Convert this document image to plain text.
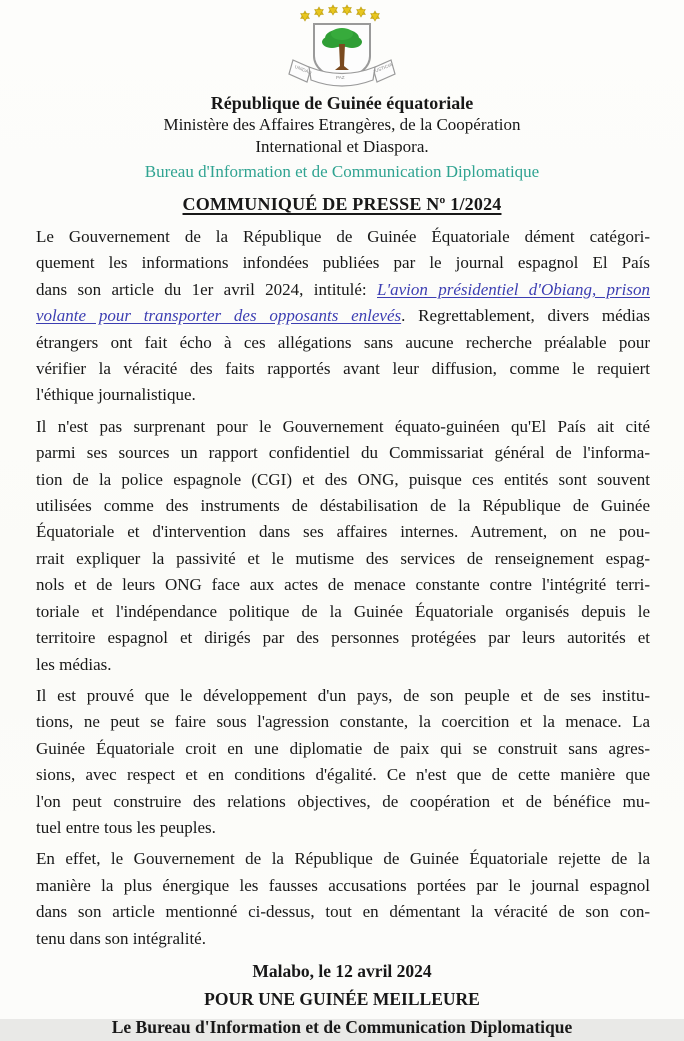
UNIDAD
PAZ
JUSTICIA
République de Guinée équatoriale
Ministère des Affaires Etrangères, de la Coopération
International et Diaspora.
Bureau d'Information et de Communication Diplomatique
COMMUNIQUÉ DE PRESSE Nº 1/2024
Le Gouvernement de la République de Guinée Équatoriale dément catégori-
quement les informations infondées publiées par le journal espagnol El País
dans son article du 1er avril 2024, intitulé: L'avion présidentiel d'Obiang, prison
volante pour transporter des opposants enlevés. Regrettablement, divers médias
étrangers ont fait écho à ces allégations sans aucune recherche préalable pour
vérifier la véracité des faits rapportés avant leur diffusion, comme le requiert
l'éthique journalistique.
Il n'est pas surprenant pour le Gouvernement équato-guinéen qu'El País ait cité
parmi ses sources un rapport confidentiel du Commissariat général de l'informa-
tion de la police espagnole (CGI) et des ONG, puisque ces entités sont souvent
utilisées comme des instruments de déstabilisation de la République de Guinée
Équatoriale et d'intervention dans ses affaires internes. Autrement, on ne pou-
rrait expliquer la passivité et le mutisme des services de renseignement espag-
nols et de leurs ONG face aux actes de menace constante contre l'intégrité terri-
toriale et l'indépendance politique de la Guinée Équatoriale organisés depuis le
territoire espagnol et dirigés par des personnes protégées par leurs autorités et
les médias.
Il est prouvé que le développement d'un pays, de son peuple et de ses institu-
tions, ne peut se faire sous l'agression constante, la coercition et la menace. La
Guinée Équatoriale croit en une diplomatie de paix qui se construit sans agres-
sions, avec respect et en conditions d'égalité. Ce n'est que de cette manière que
l'on peut construire des relations objectives, de coopération et de bénéfice mu-
tuel entre tous les peuples.
En effet, le Gouvernement de la République de Guinée Équatoriale rejette de la
manière la plus énergique les fausses accusations portées par le journal espagnol
dans son article mentionné ci-dessus, tout en démentant la véracité de son con-
tenu dans son intégralité.
Malabo, le 12 avril 2024
POUR UNE GUINÉE MEILLEURE
Le Bureau d'Information et de Communication Diplomatique
